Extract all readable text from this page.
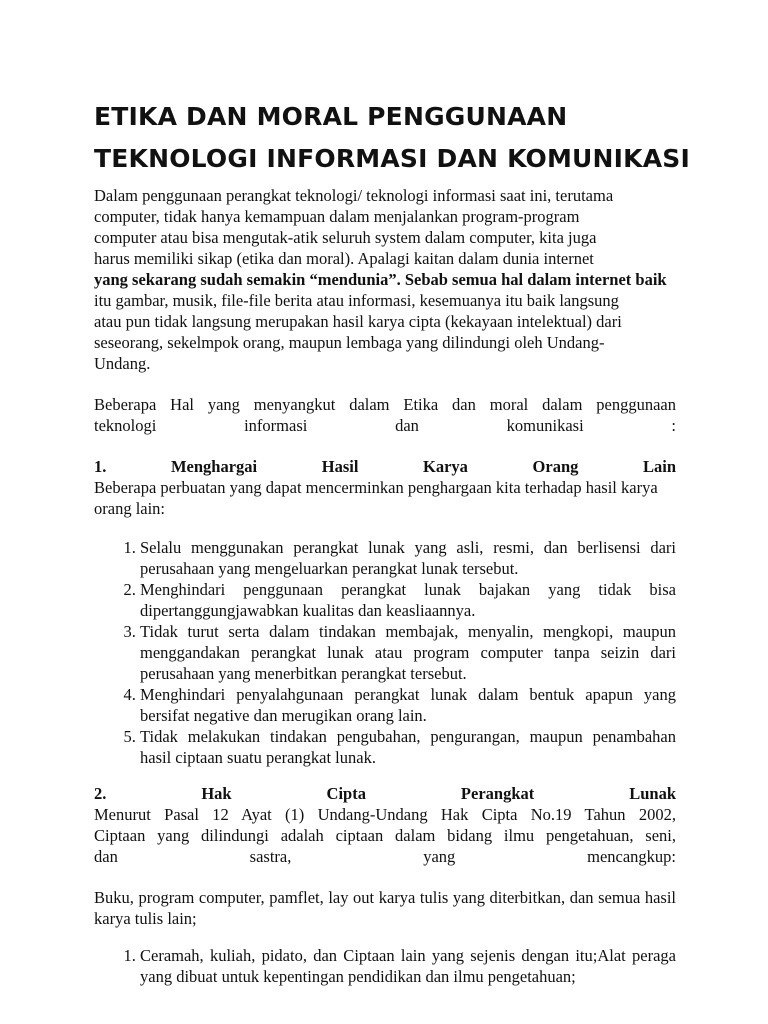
ETIKA DAN MORAL PENGGUNAAN
TEKNOLOGI INFORMASI DAN KOMUNIKASI
Dalam penggunaan perangkat teknologi/ teknologi informasi saat ini, terutama
computer, tidak hanya kemampuan dalam menjalankan program-program
computer atau bisa mengutak-atik seluruh system dalam computer, kita juga
harus memiliki sikap (etika dan moral). Apalagi kaitan dalam dunia internet
yang sekarang sudah semakin “mendunia”. Sebab semua hal dalam internet baik
itu gambar, musik, file-file berita atau informasi, kesemuanya itu baik langsung
atau pun tidak langsung merupakan hasil karya cipta (kekayaan intelektual) dari
seseorang, sekelmpok orang, maupun lembaga yang dilindungi oleh Undang-
Undang.
Beberapa Hal yang menyangkut dalam Etika dan moral dalam penggunaan
teknologi informasi dan komunikasi :
1. Menghargai Hasil Karya Orang Lain
Beberapa perbuatan yang dapat mencerminkan penghargaan kita terhadap hasil karya orang lain:
1. Selalu menggunakan perangkat lunak yang asli, resmi, dan berlisensi dari perusahaan yang mengeluarkan perangkat lunak tersebut.
2. Menghindari penggunaan perangkat lunak bajakan yang tidak bisa dipertanggungjawabkan kualitas dan keasliaannya.
3. Tidak turut serta dalam tindakan membajak, menyalin, mengkopi, maupun menggandakan perangkat lunak atau program computer tanpa seizin dari perusahaan yang menerbitkan perangkat tersebut.
4. Menghindari penyalahgunaan perangkat lunak dalam bentuk apapun yang bersifat negative dan merugikan orang lain.
5. Tidak melakukan tindakan pengubahan, pengurangan, maupun penambahan hasil ciptaan suatu perangkat lunak.
2. Hak Cipta Perangkat Lunak
Menurut Pasal 12 Ayat (1) Undang-Undang Hak Cipta No.19 Tahun 2002,
Ciptaan yang dilindungi adalah ciptaan dalam bidang ilmu pengetahuan, seni,
dan sastra, yang mencangkup:
Buku, program computer, pamflet, lay out karya tulis yang diterbitkan, dan semua hasil karya tulis lain;
1. Ceramah, kuliah, pidato, dan Ciptaan lain yang sejenis dengan itu;Alat peraga yang dibuat untuk kepentingan pendidikan dan ilmu pengetahuan;
